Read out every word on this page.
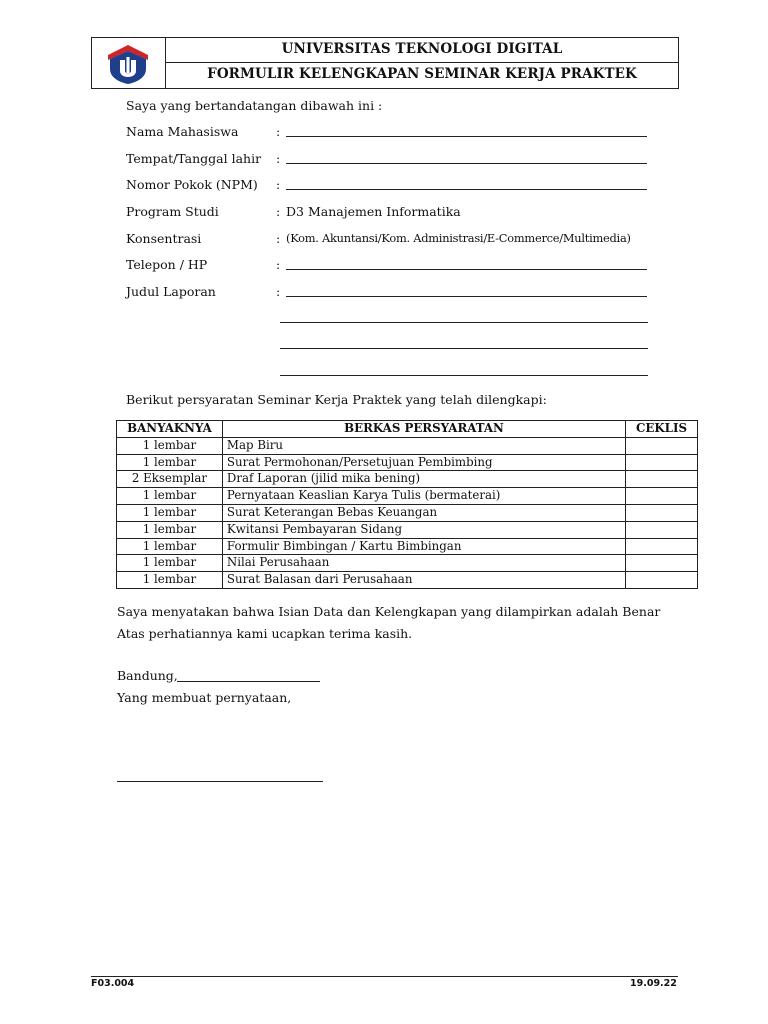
UNIVERSITAS TEKNOLOGI DIGITAL
FORMULIR KELENGKAPAN SEMINAR KERJA PRAKTEK
Saya yang bertandatangan dibawah ini :
Nama Mahasiswa	:
Tempat/Tanggal lahir :
Nomor Pokok (NPM) :
Program Studi	: D3 Manajemen Informatika
Konsentrasi	: (Kom. Akuntansi/Kom. Administrasi/E-Commerce/Multimedia)
Telepon / HP	:
Judul Laporan	:
Berikut persyaratan Seminar Kerja Praktek yang telah dilengkapi:
BANYAKNYA	BERKAS PERSYARATAN	CEKLIS
1 lembar	Map Biru	
1 lembar	Surat Permohonan/Persetujuan Pembimbing	
2 Eksemplar	Draf Laporan (jilid mika bening)	
1 lembar	Pernyataan Keaslian Karya Tulis (bermaterai)	
1 lembar	Surat Keterangan Bebas Keuangan	
1 lembar	Kwitansi Pembayaran Sidang	
1 lembar	Formulir Bimbingan / Kartu Bimbingan	
1 lembar	Nilai Perusahaan	
1 lembar	Surat Balasan dari Perusahaan	
Saya menyatakan bahwa Isian Data dan Kelengkapan yang dilampirkan adalah Benar
Atas perhatiannya kami ucapkan terima kasih.
Bandung,
Yang membuat pernyataan,
F03.004	19.09.22
